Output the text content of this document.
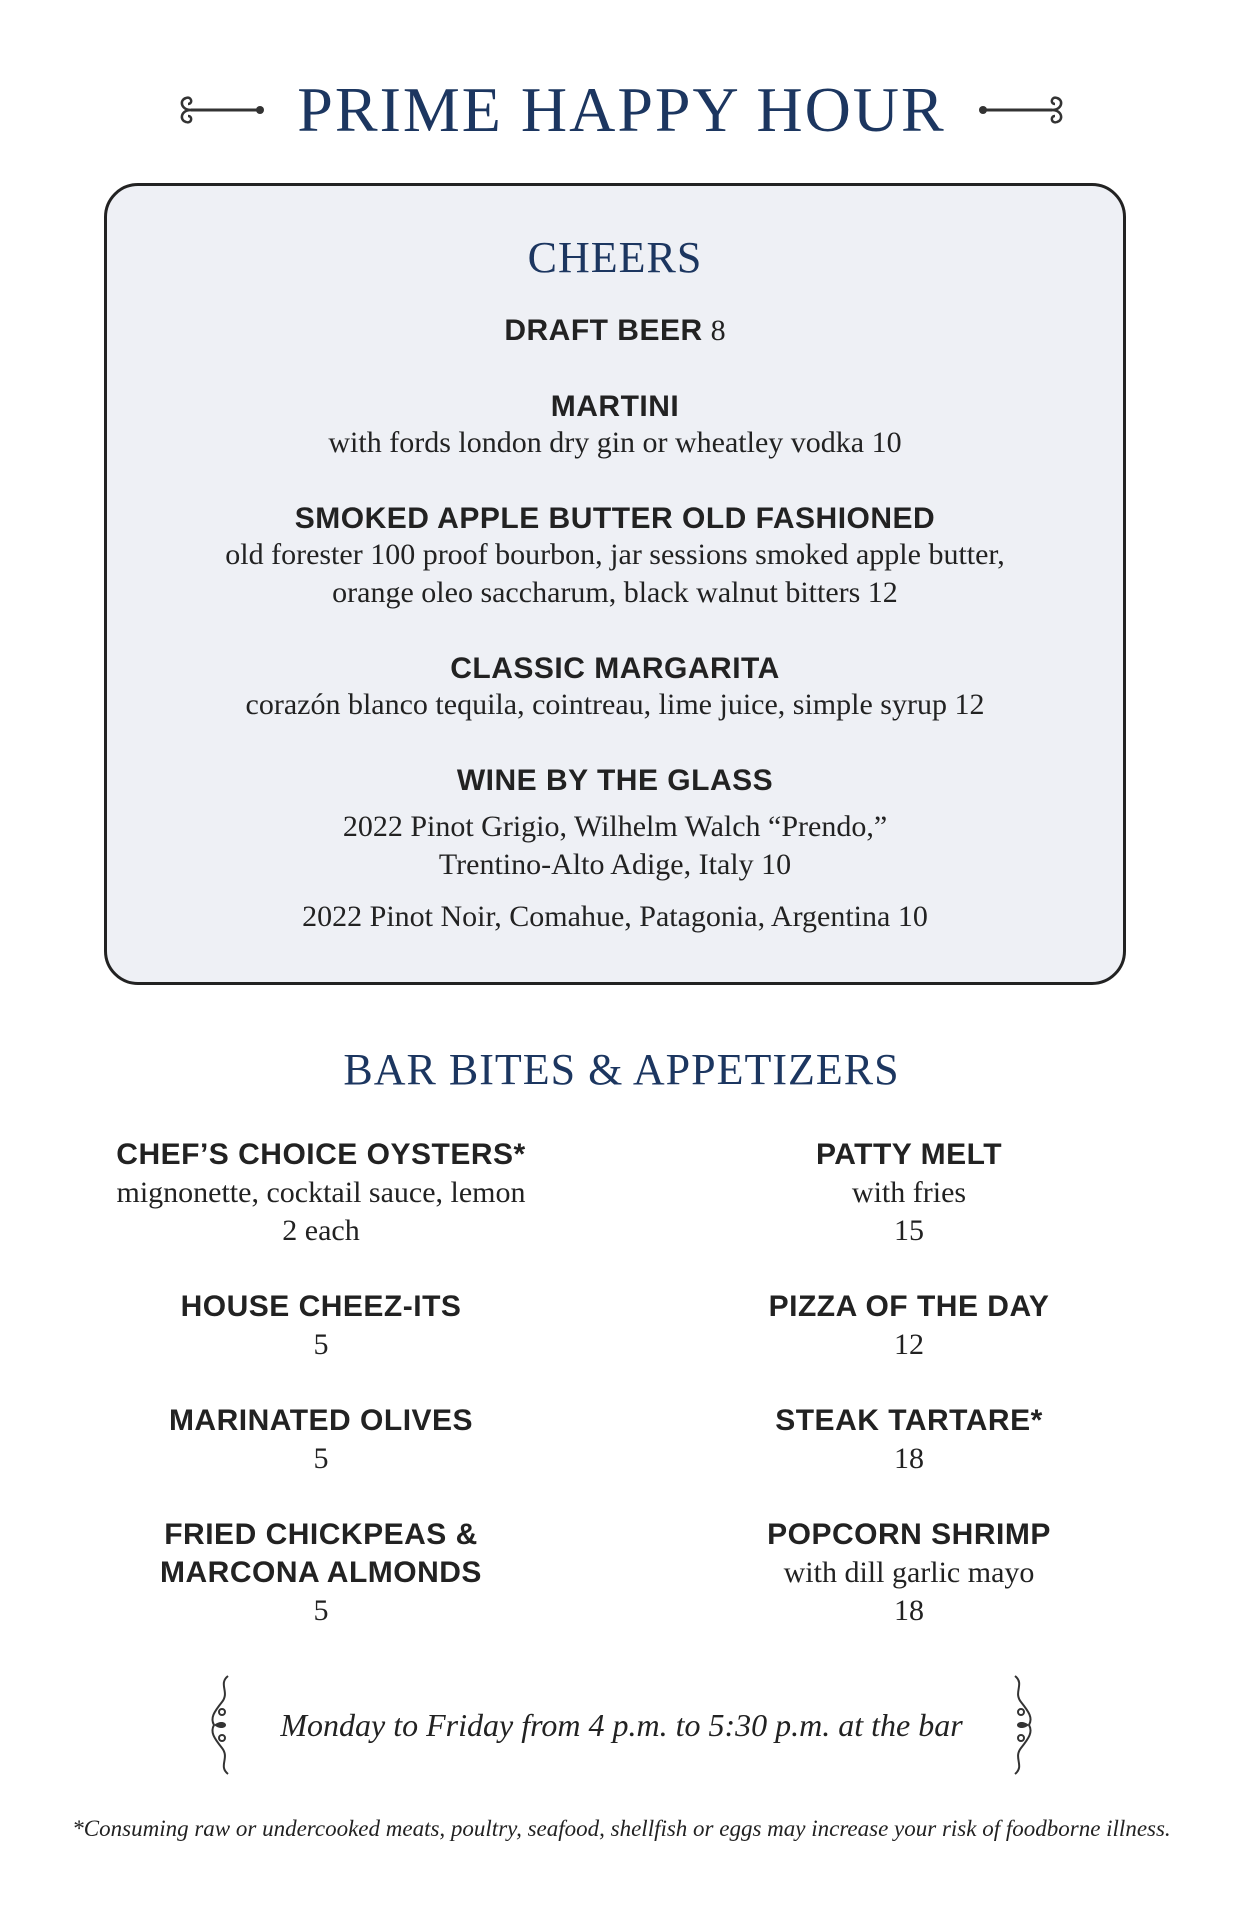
PRIME HAPPY HOUR
CHEERS
DRAFT BEER 8
MARTINI
with fords london dry gin or wheatley vodka 10
SMOKED APPLE BUTTER OLD FASHIONED
old forester 100 proof bourbon, jar sessions smoked apple butter,
orange oleo saccharum, black walnut bitters 12
CLASSIC MARGARITA
corazón blanco tequila, cointreau, lime juice, simple syrup 12
WINE BY THE GLASS
2022 Pinot Grigio, Wilhelm Walch “Prendo,”
Trentino-Alto Adige, Italy 10
2022 Pinot Noir, Comahue, Patagonia, Argentina 10
BAR BITES & APPETIZERS
CHEF’S CHOICE OYSTERS*
mignonette, cocktail sauce, lemon
2 each
HOUSE CHEEZ-ITS
5
MARINATED OLIVES
5
FRIED CHICKPEAS &
MARCONA ALMONDS
5
PATTY MELT
with fries
15
PIZZA OF THE DAY
12
STEAK TARTARE*
18
POPCORN SHRIMP
with dill garlic mayo
18
Monday to Friday from 4 p.m. to 5:30 p.m. at the bar
*Consuming raw or undercooked meats, poultry, seafood, shellfish or eggs may increase your risk of foodborne illness.
